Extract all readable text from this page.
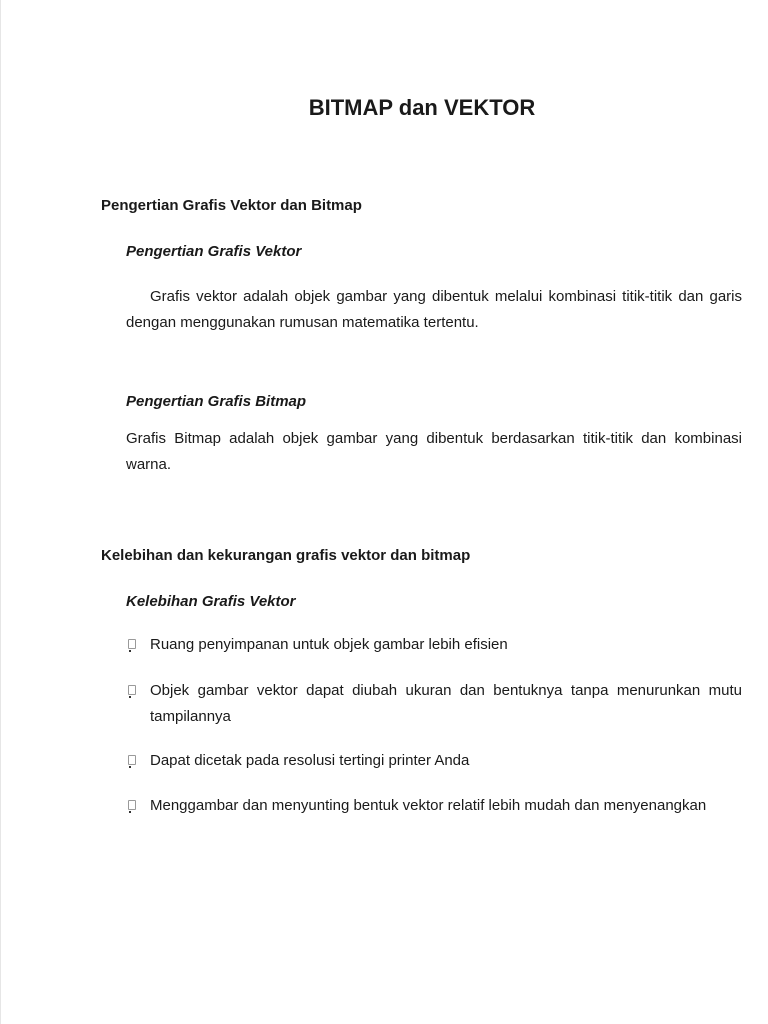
BITMAP dan VEKTOR
Pengertian Grafis Vektor dan Bitmap
Pengertian Grafis Vektor

Grafis vektor adalah objek gambar yang dibentuk melalui kombinasi titik-titik dan garis dengan menggunakan rumusan matematika tertentu.

Pengertian Grafis Bitmap

Grafis Bitmap adalah objek gambar yang dibentuk berdasarkan titik-titik dan kombinasi warna.

Kelebihan dan kekurangan grafis vektor dan bitmap
Kelebihan Grafis Vektor

Ruang penyimpanan untuk objek gambar lebih efisien

Objek gambar vektor dapat diubah ukuran dan bentuknya tanpa menurunkan mutu tampilannya

Dapat dicetak pada resolusi tertingi printer Anda

Menggambar dan menyunting bentuk vektor relatif lebih mudah dan menyenangkan
